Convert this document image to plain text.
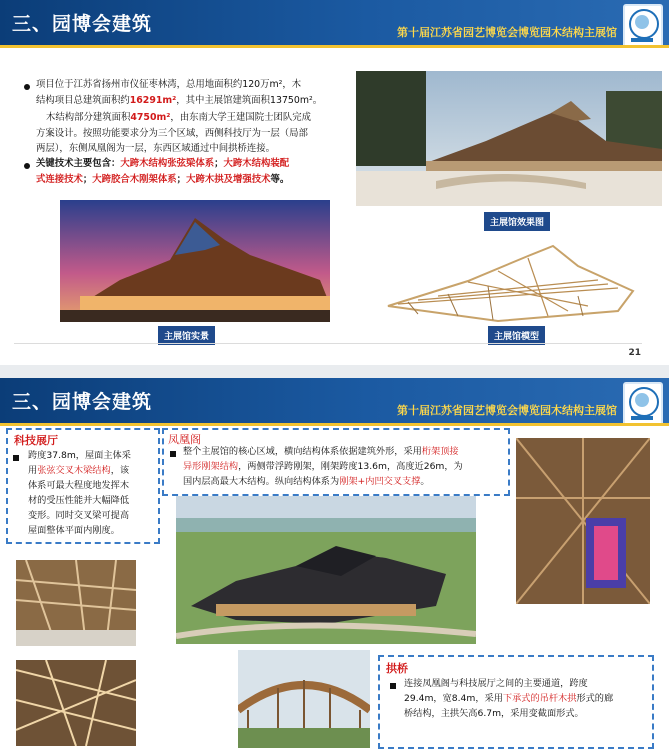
三、园博会建筑	第十届江苏省园艺博览会博览园木结构主展馆
项目位于江苏省扬州市仪征枣林湾，总用地面积约120万m²，木
结构项目总建筑面积约16291m²，其中主展馆建筑面积13750m²。
木结构部分建筑面积4750m²，由东南大学王建国院士团队完成
方案设计。按照功能要求分为三个区域，西侧科技厅为一层（局部
两层），东侧凤凰阁为一层，东西区域通过中间拱桥连接。
关键技术主要包含：大跨木结构张弦梁体系；大跨木结构装配
式连接技术；大跨胶合木刚架体系；大跨木拱及增强技术等。
主展馆效果图
主展馆实景	主展馆模型
21
三、园博会建筑	第十届江苏省园艺博览会博览园木结构主展馆
科技展厅
跨度37.8m，屋面主体采
用张弦交叉木梁结构，该
体系可最大程度地发挥木
材的受压性能并大幅降低
变形。同时交叉梁可提高
屋面整体平面内刚度。
凤凰阁
整个主展馆的核心区域，横向结构体系依据建筑外形，采用桁架顶接
异形刚架结构，两侧带浮跨刚架，刚架跨度13.6m，高度近26m，为
国内层高最大木结构。纵向结构体系为刚架+内凹交叉支撑。
拱桥
连接凤凰阁与科技展厅之间的主要通道，跨度
29.4m，宽8.4m，采用下承式的吊杆木拱形式的廊
桥结构，主拱矢高6.7m，采用变截面形式。
